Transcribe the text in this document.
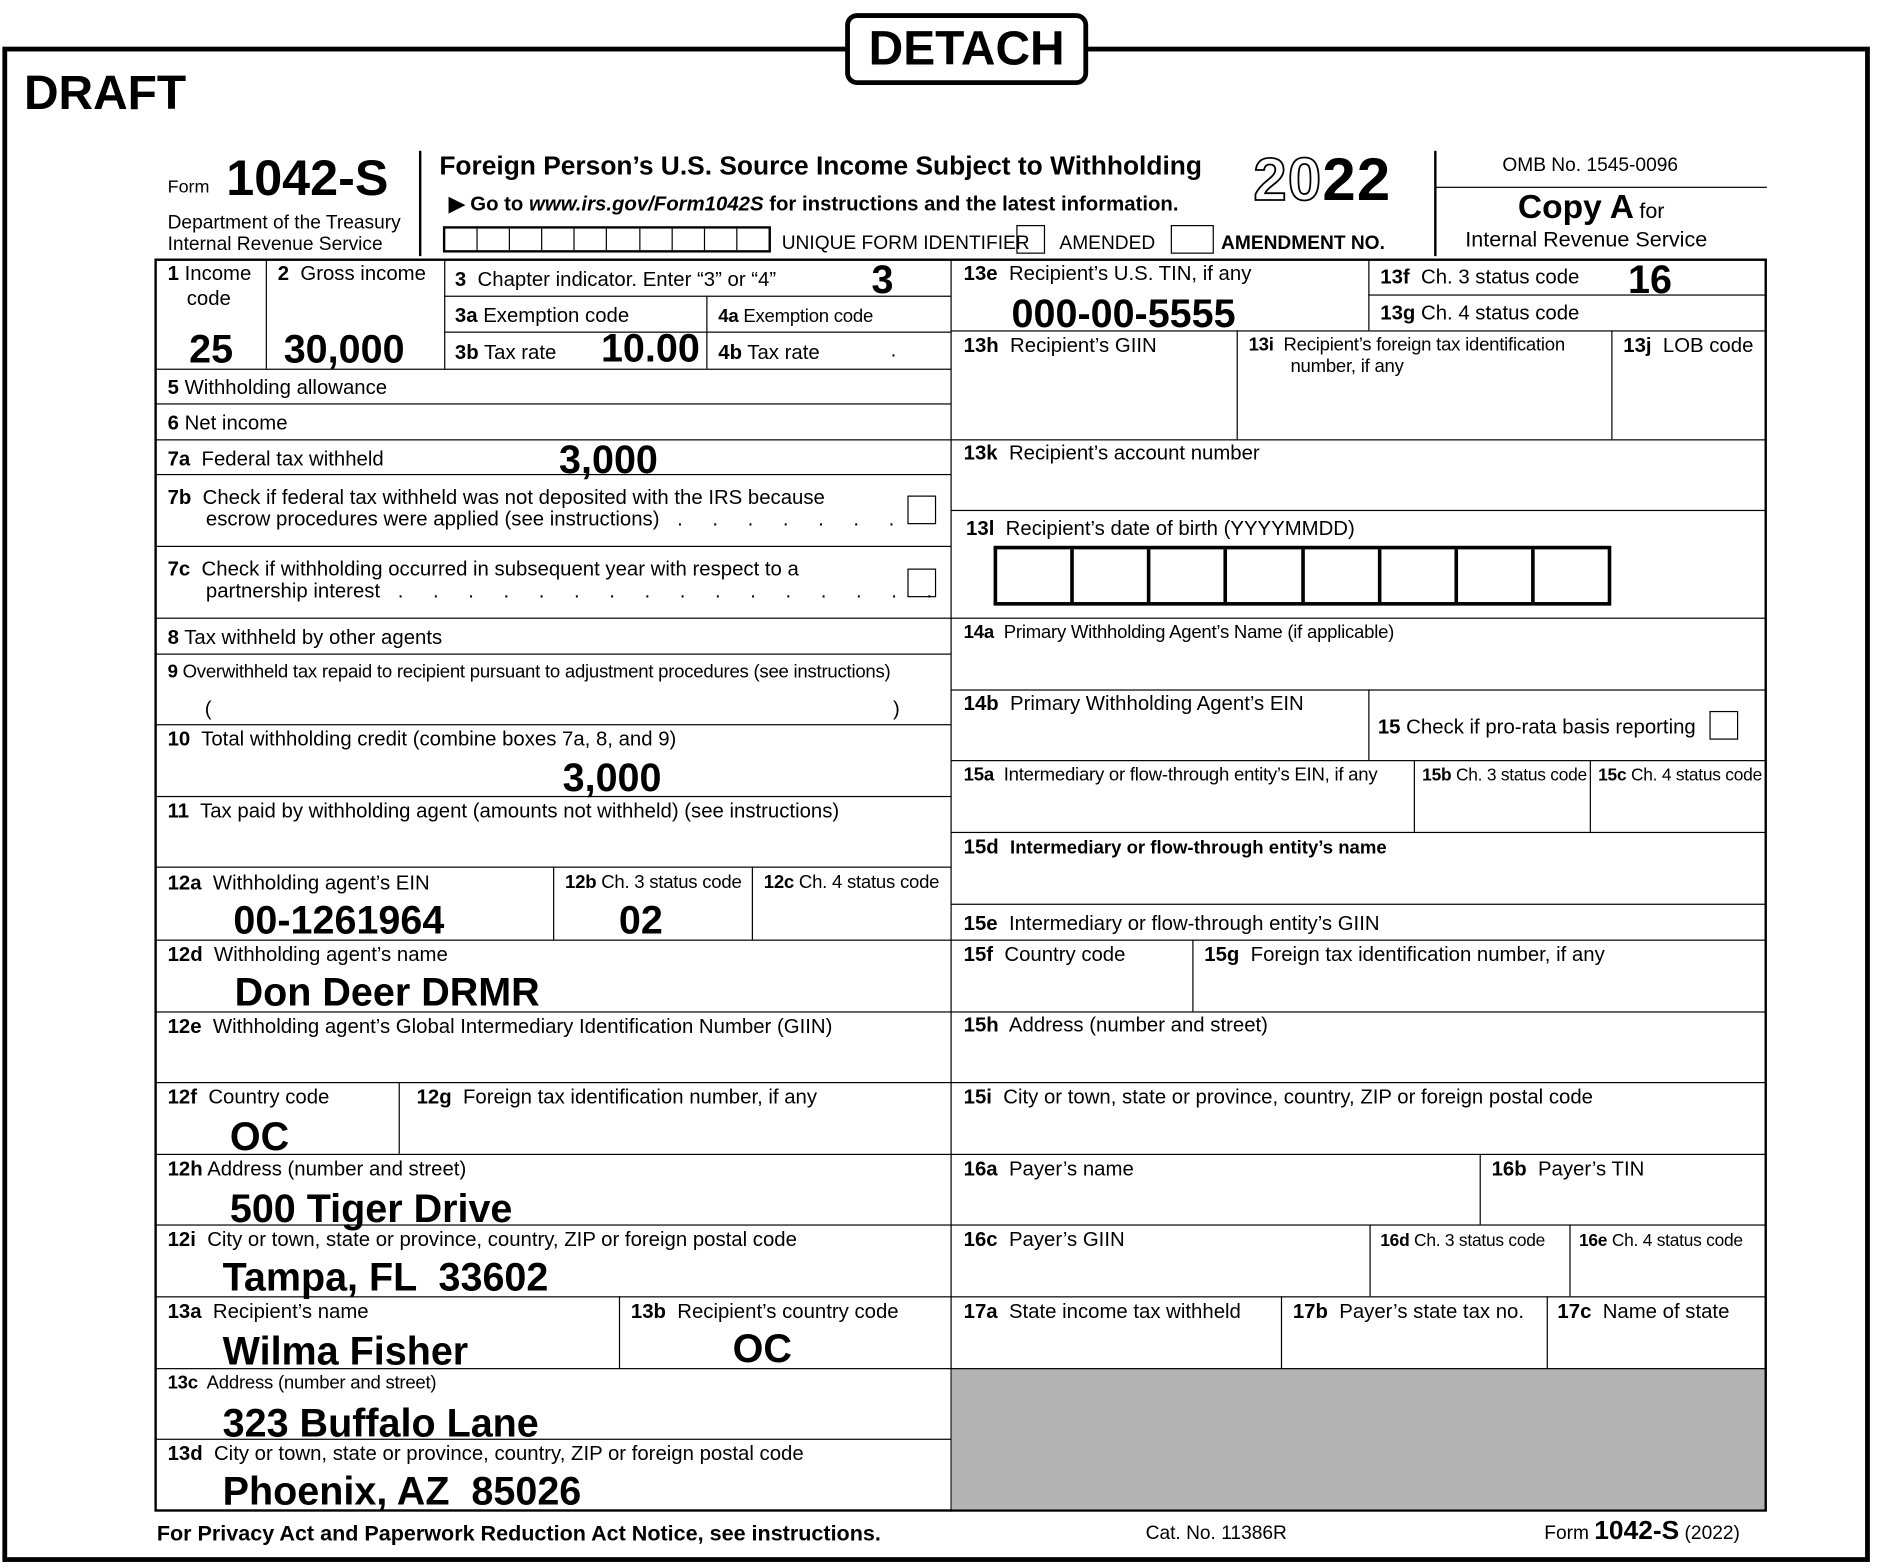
DETACH
DRAFT
Form 1042-S
Department of the Treasury
Internal Revenue Service
Foreign Person’s U.S. Source Income Subject to Withholding
▶ Go to www.irs.gov/Form1042S for instructions and the latest information. 2022
UNIQUE FORM IDENTIFIER AMENDED	AMENDMENT NO.
OMB No. 1545-0096
Copy A for
Internal Revenue Service
1 Income
code
25
2 Gross income
30,000
3 Chapter indicator. Enter “3” or “4”	3
3a Exemption code	4a Exemption code
3b Tax rate 10.00 4b Tax rate	.
5 Withholding allowance
6 Net income
7a Federal tax withheld	3,000
7b Check if federal tax withheld was not deposited with the IRS because
escrow procedures were applied (see instructions) . . . . . . .
7c Check if withholding occurred in subsequent year with respect to a
partnership interest . . . . . . . . . . . . . . . .
8 Tax withheld by other agents
9 Overwithheld tax repaid to recipient pursuant to adjustment procedures (see instructions)
(	)
10 Total withholding credit (combine boxes 7a, 8, and 9)
3,000
11 Tax paid by withholding agent (amounts not withheld) (see instructions)
12a Withholding agent’s EIN
00-1261964
12b Ch. 3 status code
02
12c Ch. 4 status code
12d Withholding agent’s name
Don Deer DRMR
12e Withholding agent’s Global Intermediary Identification Number (GIIN)
12f Country code
OC
12g Foreign tax identification number, if any
12h Address (number and street)
500 Tiger Drive
12i City or town, state or province, country, ZIP or foreign postal code
Tampa, FL  33602
13a Recipient’s name
Wilma Fisher
13b Recipient’s country code
OC
13c Address (number and street)
323 Buffalo Lane
13d City or town, state or province, country, ZIP or foreign postal code
Phoenix, AZ  85026
13e Recipient’s U.S. TIN, if any
000-00-5555
13f Ch. 3 status code 16
13g Ch. 4 status code
13h Recipient’s GIIN	13i Recipient’s foreign tax identification
number, if any
13j LOB code
13k Recipient’s account number
13l Recipient’s date of birth (YYYYMMDD)
14a Primary Withholding Agent’s Name (if applicable)
14b Primary Withholding Agent’s EIN
15 Check if pro-rata basis reporting
15a Intermediary or flow-through entity’s EIN, if any	15b Ch. 3 status code 15c Ch. 4 status code
15d Intermediary or flow-through entity’s name
15e Intermediary or flow-through entity’s GIIN
15f Country code	15g Foreign tax identification number, if any
15h Address (number and street)
15i City or town, state or province, country, ZIP or foreign postal code
16a Payer’s name	16b Payer’s TIN
16c Payer’s GIIN	16d Ch. 3 status code 16e Ch. 4 status code
17a State income tax withheld	17b Payer’s state tax no. 17c Name of state
For Privacy Act and Paperwork Reduction Act Notice, see instructions.	Cat. No. 11386R	Form 1042-S (2022)
